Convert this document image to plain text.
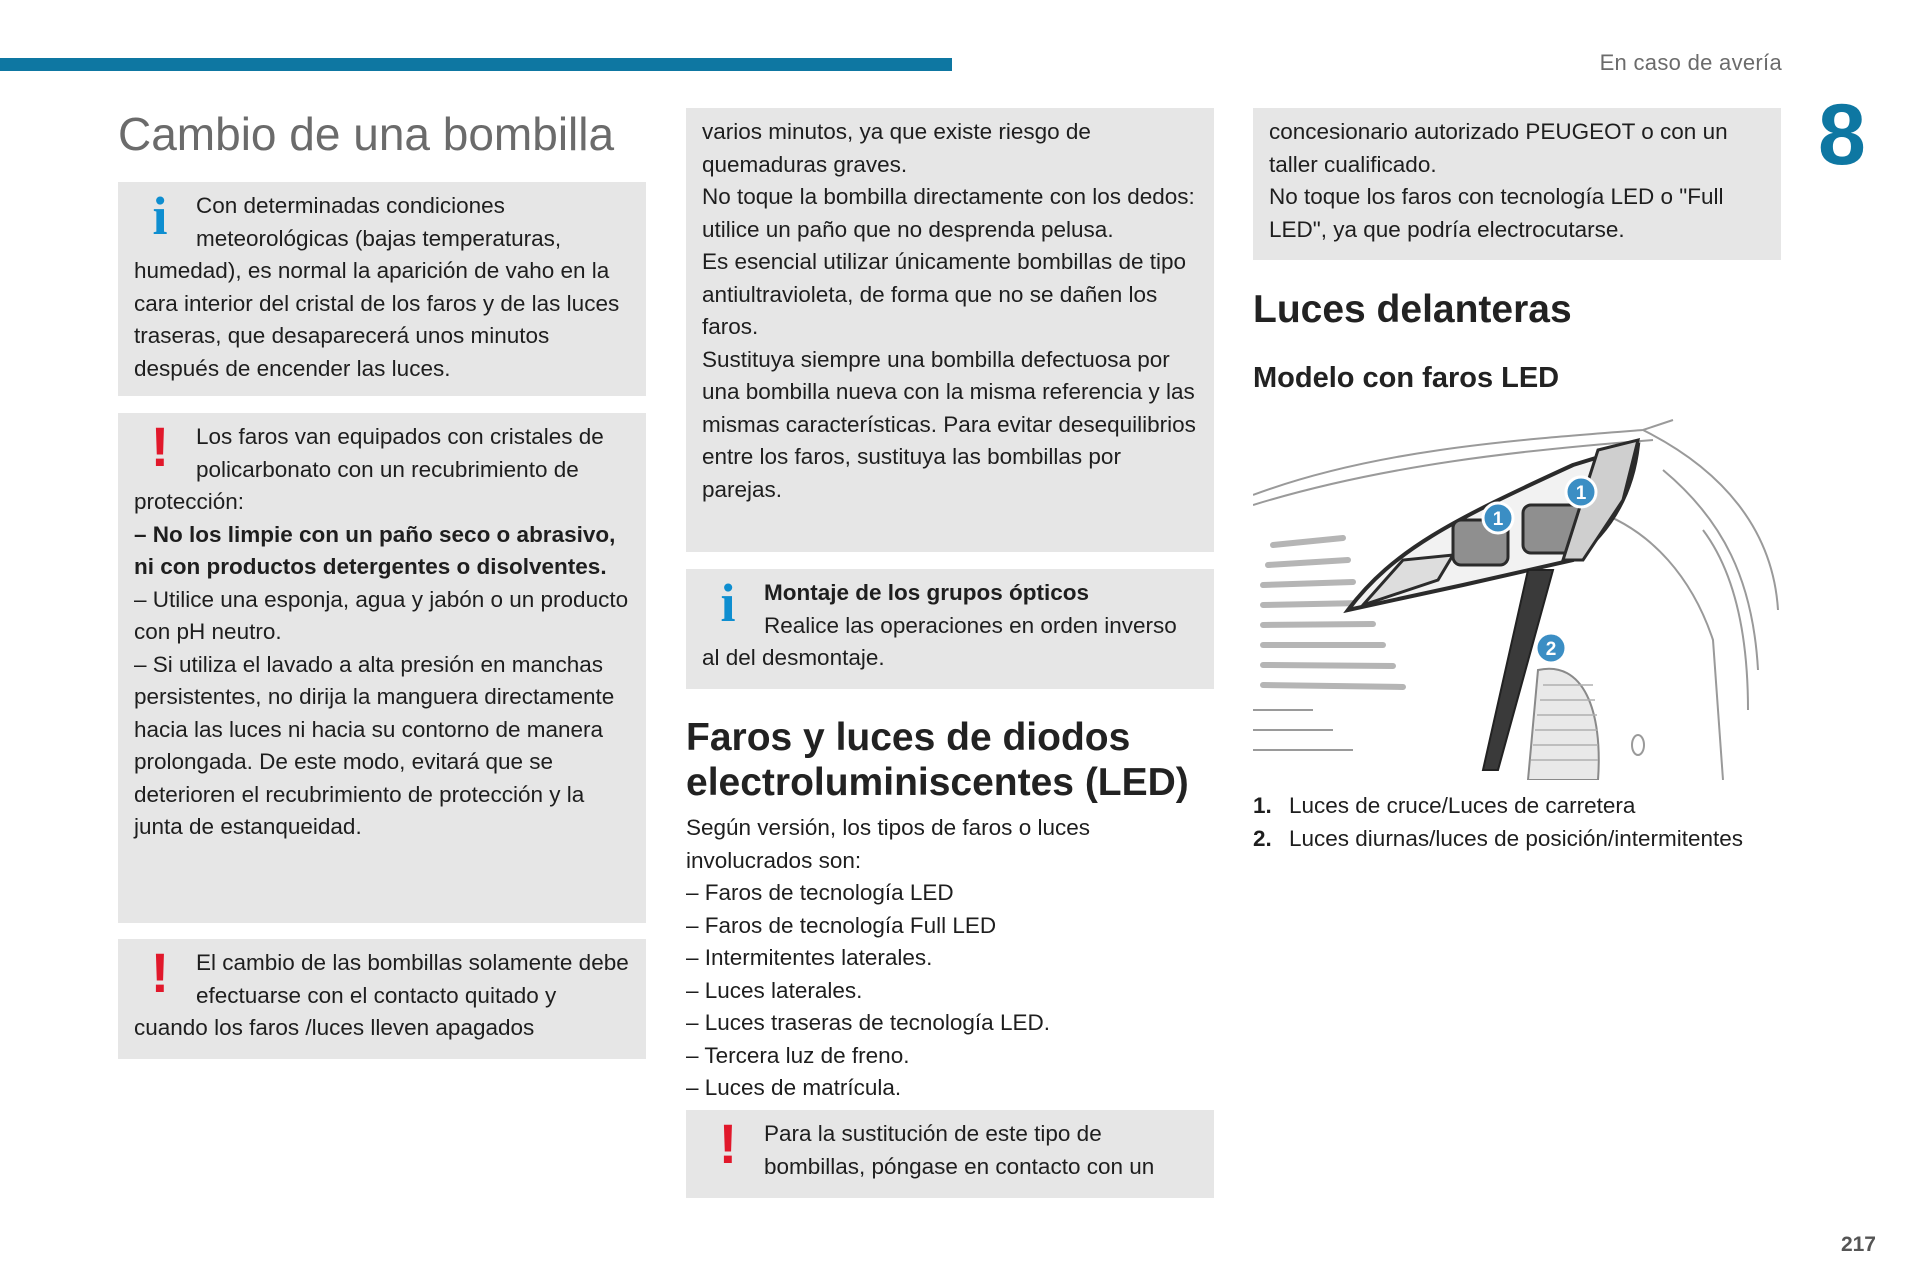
En caso de avería
8
217
Cambio de una bombilla
i	Con determinadas condiciones meteorológicas (bajas temperaturas, humedad), es normal la aparición de vaho en la cara interior del cristal de los faros y de las luces traseras, que desaparecerá unos minutos después de encender las luces.

!	Los faros van equipados con cristales de policarbonato con un recubrimiento de protección:

– No los limpie con un paño seco o abrasivo, ni con productos detergentes o disolventes.

– Utilice una esponja, agua y jabón o un producto con pH neutro.

– Si utiliza el lavado a alta presión en manchas persistentes, no dirija la manguera directamente hacia las luces ni hacia su contorno de manera prolongada. De este modo, evitará que se deterioren el recubrimiento de protección y la junta de estanqueidad.

!	El cambio de las bombillas solamente debe efectuarse con el contacto quitado y cuando los faros /luces lleven apagados

varios minutos, ya que existe riesgo de quemaduras graves.

No toque la bombilla directamente con los dedos: utilice un paño que no desprenda pelusa.

Es esencial utilizar únicamente bombillas de tipo antiultravioleta, de forma que no se dañen los faros.

Sustituya siempre una bombilla defectuosa por una bombilla nueva con la misma referencia y las mismas características. Para evitar desequilibrios entre los faros, sustituya las bombillas por parejas.

i	Montaje de los grupos ópticos

Realice las operaciones en orden inverso al del desmontaje.

Faros y luces de diodos electroluminiscentes (LED)

Según versión, los tipos de faros o luces involucrados son:

– Faros de tecnología LED

– Faros de tecnología Full LED

– Intermitentes laterales.

– Luces laterales.

– Luces traseras de tecnología LED.

– Tercera luz de freno.

– Luces de matrícula.

!	Para la sustitución de este tipo de bombillas, póngase en contacto con un

concesionario autorizado PEUGEOT o con un taller cualificado.

No toque los faros con tecnología LED o "Full LED", ya que podría electrocutarse.

Luces delanteras
Modelo con faros LED
1
1
2
1. Luces de cruce/Luces de carretera
2. Luces diurnas/luces de posición/intermitentes
